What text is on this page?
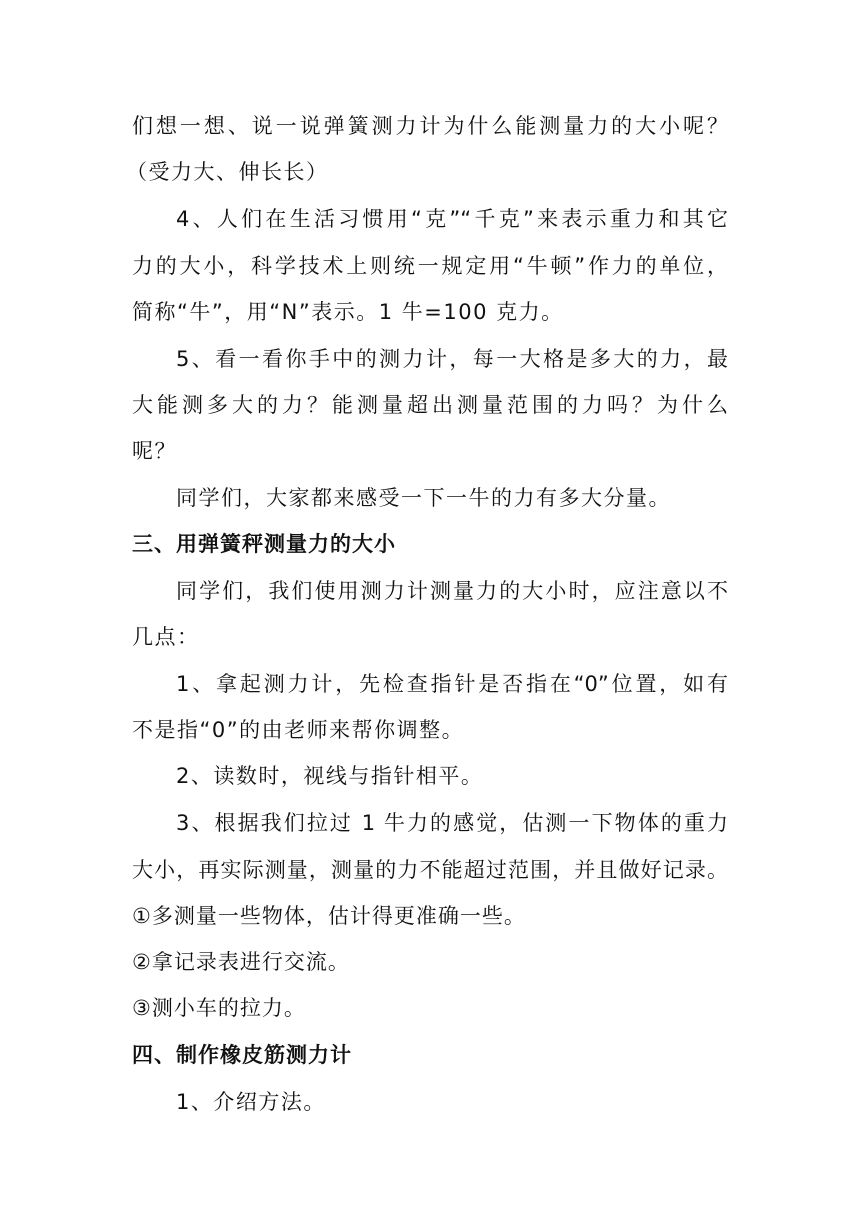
们想一想、说一说弹簧测力计为什么能测量力的大小呢？
（受力大、伸长长）
4、人们在生活习惯用“克”“千克”来表示重力和其它
力的大小，科学技术上则统一规定用“牛顿”作力的单位，
简称“牛”，用“N”表示。1 牛=100 克力。
5、看一看你手中的测力计，每一大格是多大的力，最
大能测多大的力？能测量超出测量范围的力吗？为什么
呢？
同学们，大家都来感受一下一牛的力有多大分量。
三、用弹簧秤测量力的大小
同学们，我们使用测力计测量力的大小时，应注意以不
几点：
1、拿起测力计，先检查指针是否指在“0”位置，如有
不是指“0”的由老师来帮你调整。
2、读数时，视线与指针相平。
3、根据我们拉过 1 牛力的感觉，估测一下物体的重力
大小，再实际测量，测量的力不能超过范围，并且做好记录。
①多测量一些物体，估计得更准确一些。
②拿记录表进行交流。
③测小车的拉力。
四、制作橡皮筋测力计
1、介绍方法。
